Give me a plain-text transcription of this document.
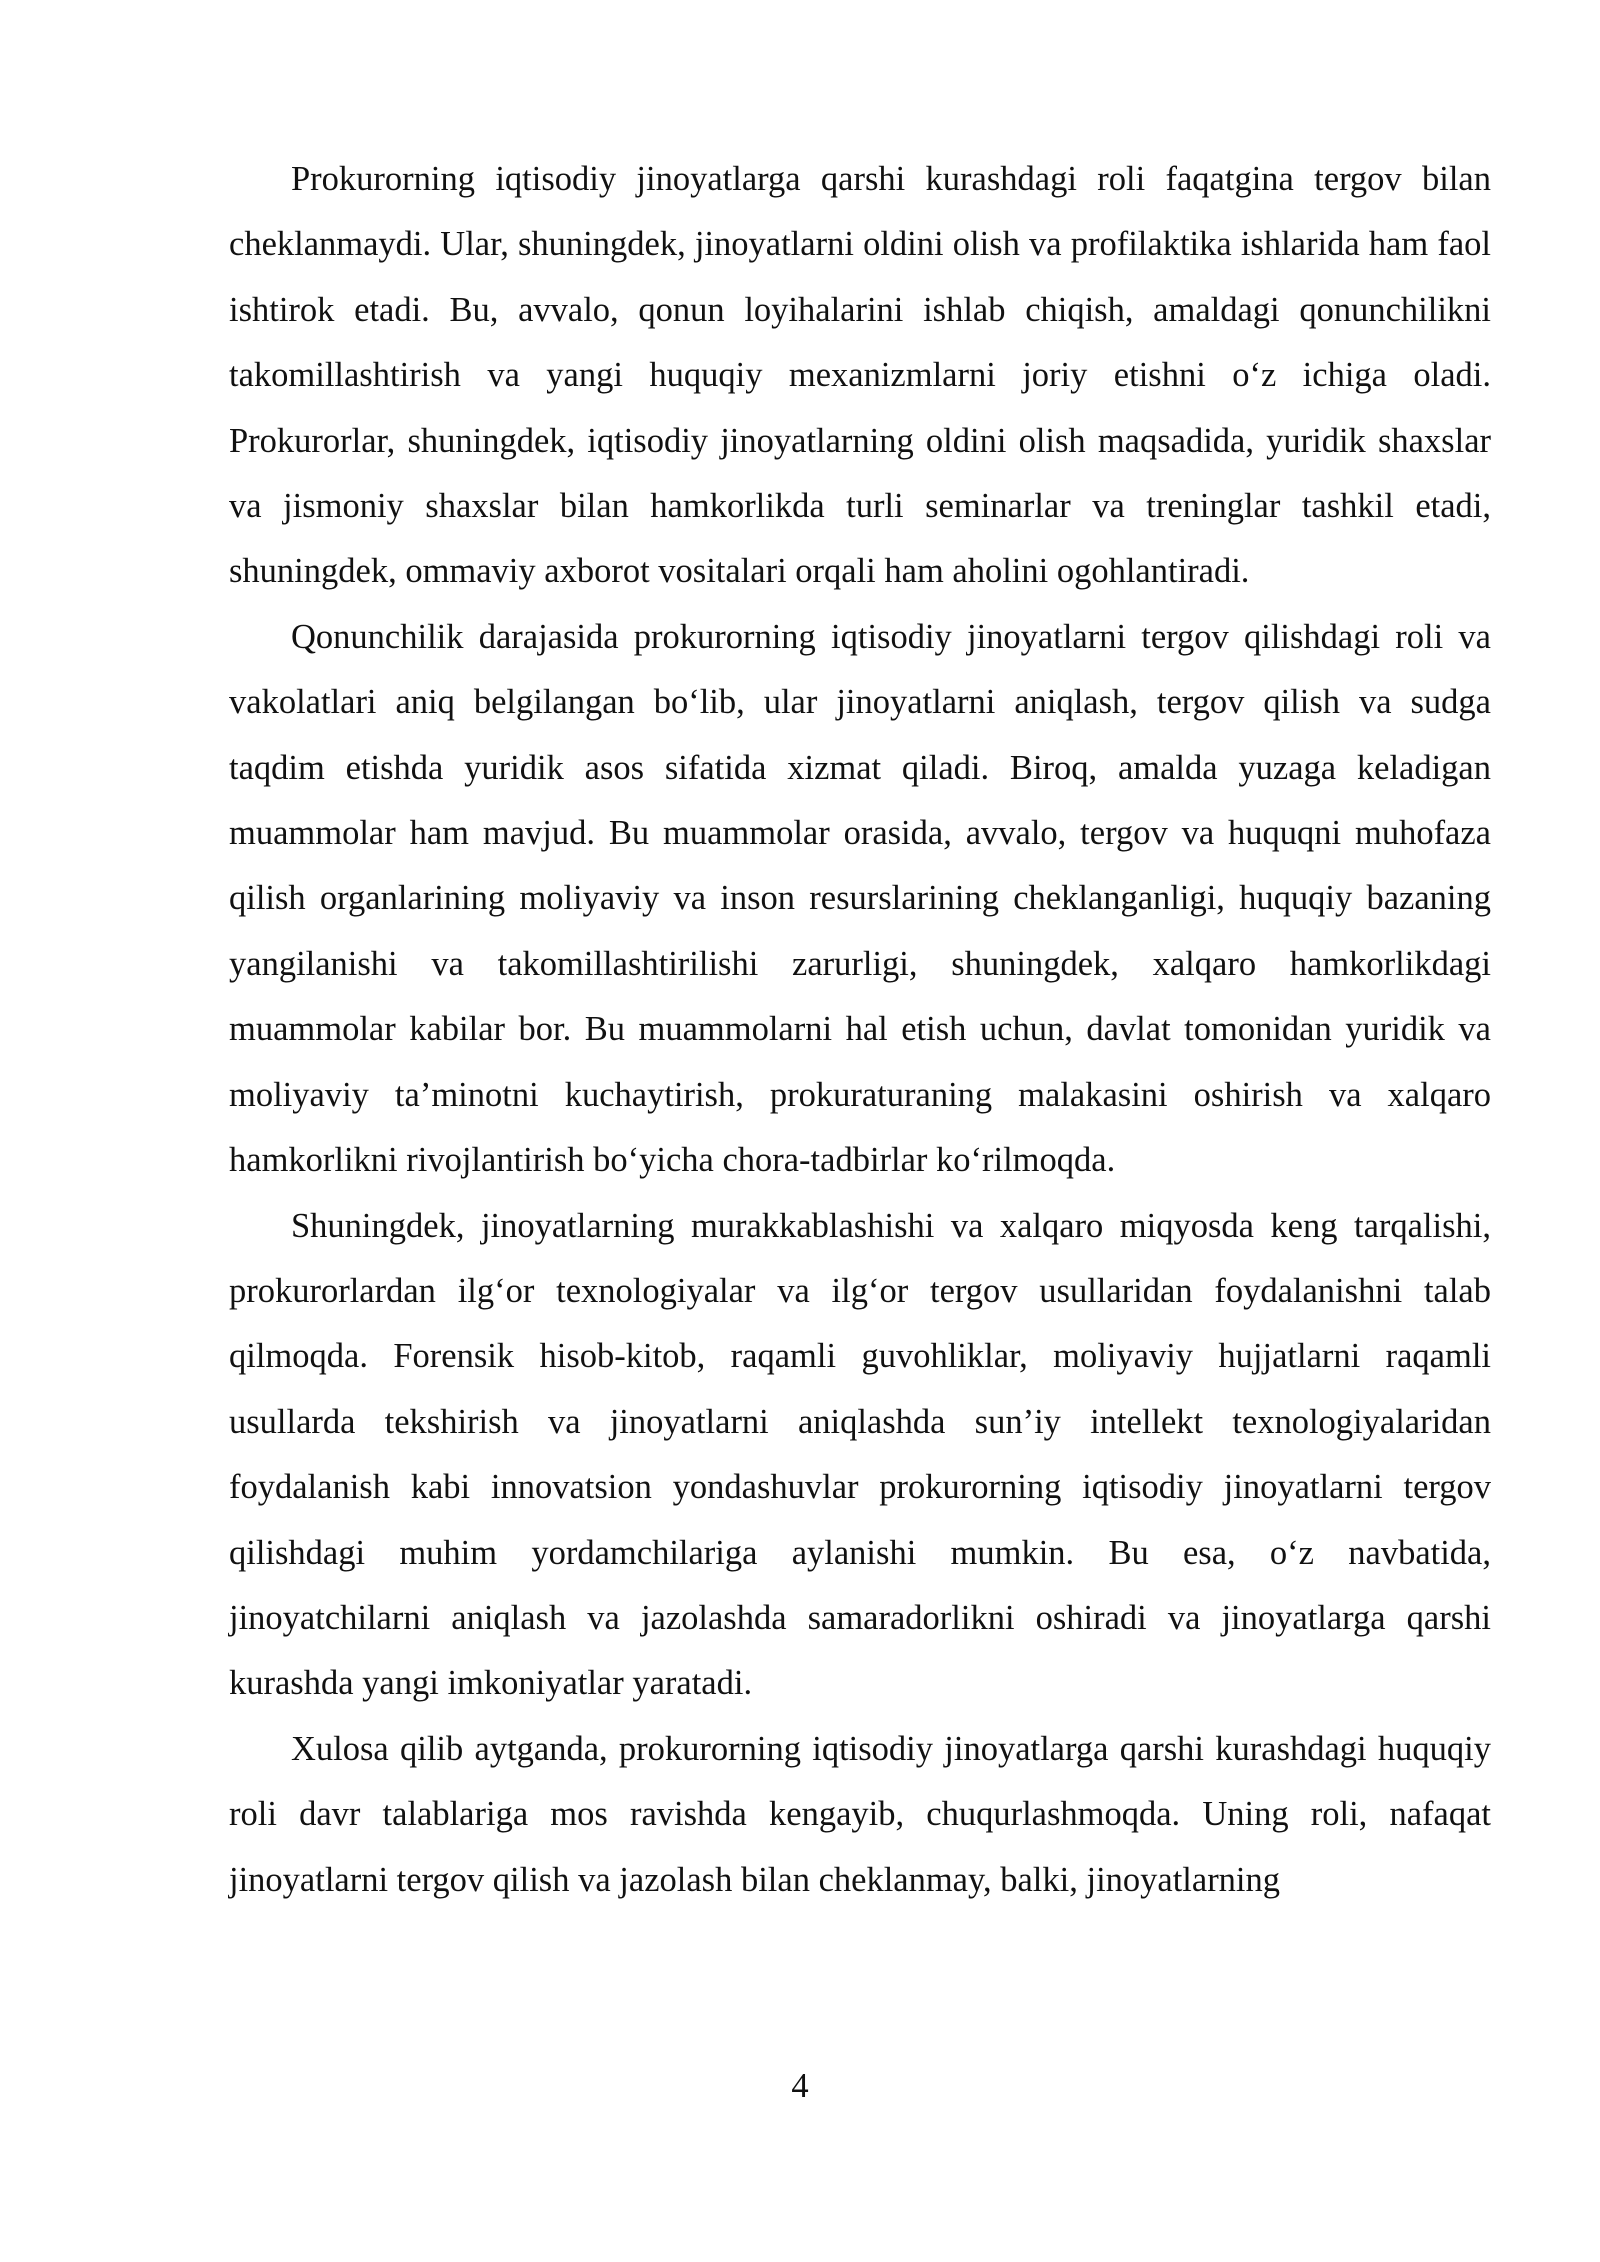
Prokurorning iqtisodiy jinoyatlarga qarshi kurashdagi roli faqatgina tergov bilan cheklanmaydi. Ular, shuningdek, jinoyatlarni oldini olish va profilaktika ishlarida ham faol ishtirok etadi. Bu, avvalo, qonun loyihalarini ishlab chiqish, amaldagi qonunchilikni takomillashtirish va yangi huquqiy mexanizmlarni joriy etishni o‘z ichiga oladi. Prokurorlar, shuningdek, iqtisodiy jinoyatlarning oldini olish maqsadida, yuridik shaxslar va jismoniy shaxslar bilan hamkorlikda turli seminarlar va treninglar tashkil etadi, shuningdek, ommaviy axborot vositalari orqali ham aholini ogohlantiradi.

Qonunchilik darajasida prokurorning iqtisodiy jinoyatlarni tergov qilishdagi roli va vakolatlari aniq belgilangan bo‘lib, ular jinoyatlarni aniqlash, tergov qilish va sudga taqdim etishda yuridik asos sifatida xizmat qiladi. Biroq, amalda yuzaga keladigan muammolar ham mavjud. Bu muammolar orasida, avvalo, tergov va huquqni muhofaza qilish organlarining moliyaviy va inson resurslarining cheklanganligi, huquqiy bazaning yangilanishi va takomillashtirilishi zarurligi, shuningdek, xalqaro hamkorlikdagi muammolar kabilar bor. Bu muammolarni hal etish uchun, davlat tomonidan yuridik va moliyaviy ta’minotni kuchaytirish, prokuraturaning malakasini oshirish va xalqaro hamkorlikni rivojlantirish bo‘yicha chora-tadbirlar ko‘rilmoqda.

Shuningdek, jinoyatlarning murakkablashishi va xalqaro miqyosda keng tarqalishi, prokurorlardan ilg‘or texnologiyalar va ilg‘or tergov usullaridan foydalanishni talab qilmoqda. Forensik hisob-kitob, raqamli guvohliklar, moliyaviy hujjatlarni raqamli usullarda tekshirish va jinoyatlarni aniqlashda sun’iy intellekt texnologiyalaridan foydalanish kabi innovatsion yondashuvlar prokurorning iqtisodiy jinoyatlarni tergov qilishdagi muhim yordamchilariga aylanishi mumkin. Bu esa, o‘z navbatida, jinoyatchilarni aniqlash va jazolashda samaradorlikni oshiradi va jinoyatlarga qarshi kurashda yangi imkoniyatlar yaratadi.

Xulosa qilib aytganda, prokurorning iqtisodiy jinoyatlarga qarshi kurashdagi huquqiy roli davr talablariga mos ravishda kengayib, chuqurlashmoqda. Uning roli, nafaqat jinoyatlarni tergov qilish va jazolash bilan cheklanmay, balki, jinoyatlarning

4
